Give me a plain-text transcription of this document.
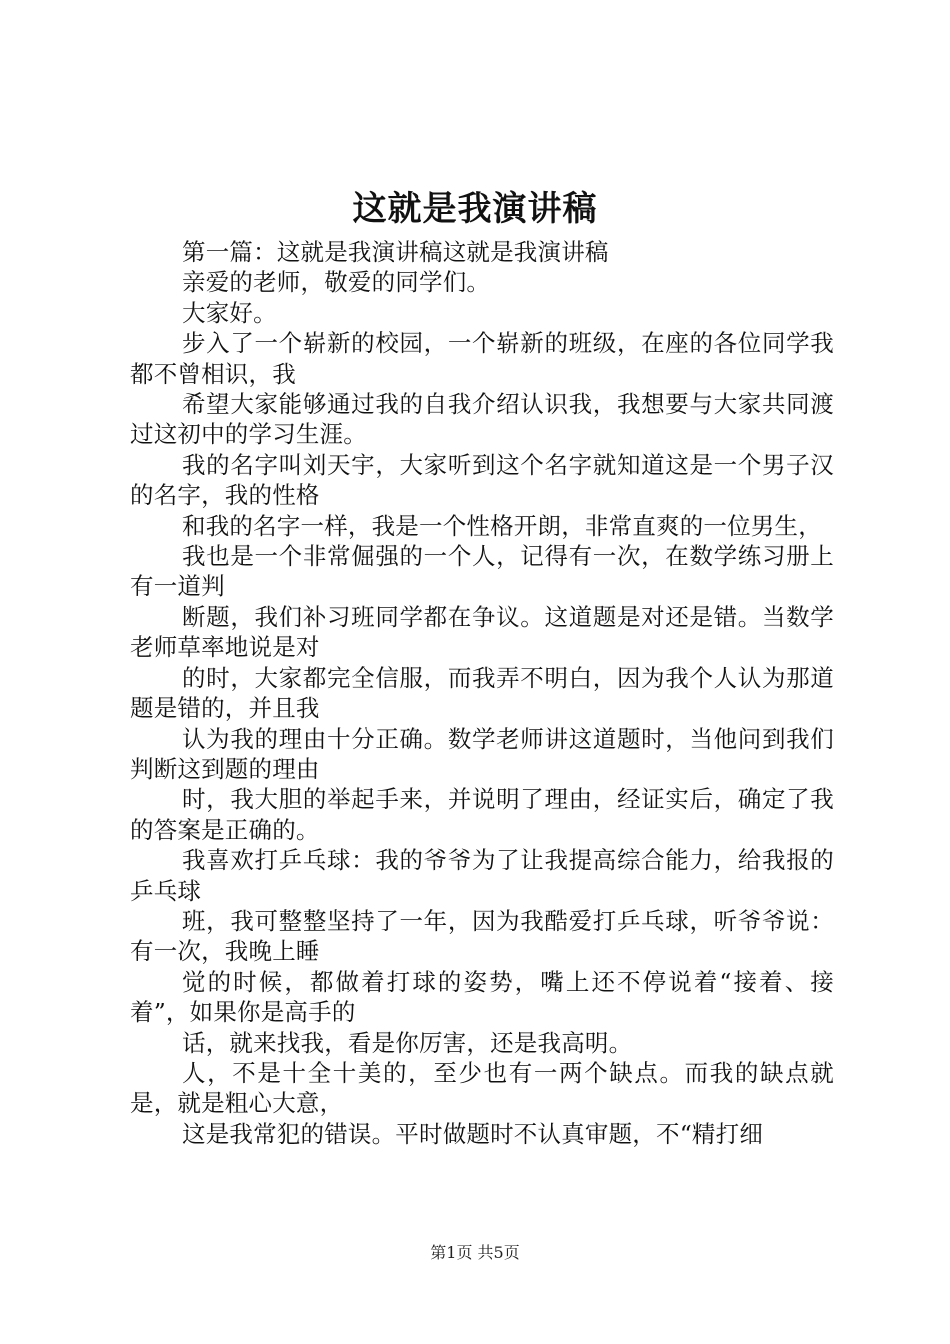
这就是我演讲稿

第一篇：这就是我演讲稿这就是我演讲稿

亲爱的老师，敬爱的同学们。

大家好。

步入了一个崭新的校园，一个崭新的班级，在座的各位同学我都不曾相识，我

希望大家能够通过我的自我介绍认识我，我想要与大家共同渡过这初中的学习生涯。

我的名字叫刘天宇，大家听到这个名字就知道这是一个男子汉的名字，我的性格

和我的名字一样，我是一个性格开朗，非常直爽的一位男生，

我也是一个非常倔强的一个人，记得有一次，在数学练习册上有一道判

断题，我们补习班同学都在争议。这道题是对还是错。当数学老师草率地说是对

的时，大家都完全信服，而我弄不明白，因为我个人认为那道题是错的，并且我

认为我的理由十分正确。数学老师讲这道题时，当他问到我们判断这到题的理由

时，我大胆的举起手来，并说明了理由，经证实后，确定了我的答案是正确的。

我喜欢打乒乓球：我的爷爷为了让我提高综合能力，给我报的乒乓球

班，我可整整坚持了一年，因为我酷爱打乒乓球，听爷爷说：有一次，我晚上睡

觉的时候，都做着打球的姿势，嘴上还不停说着“接着、接着”，如果你是高手的

话，就来找我，看是你厉害，还是我高明。

人，不是十全十美的，至少也有一两个缺点。而我的缺点就是，就是粗心大意，

这是我常犯的错误。平时做题时不认真审题，不“精打细

第1页 共5页
